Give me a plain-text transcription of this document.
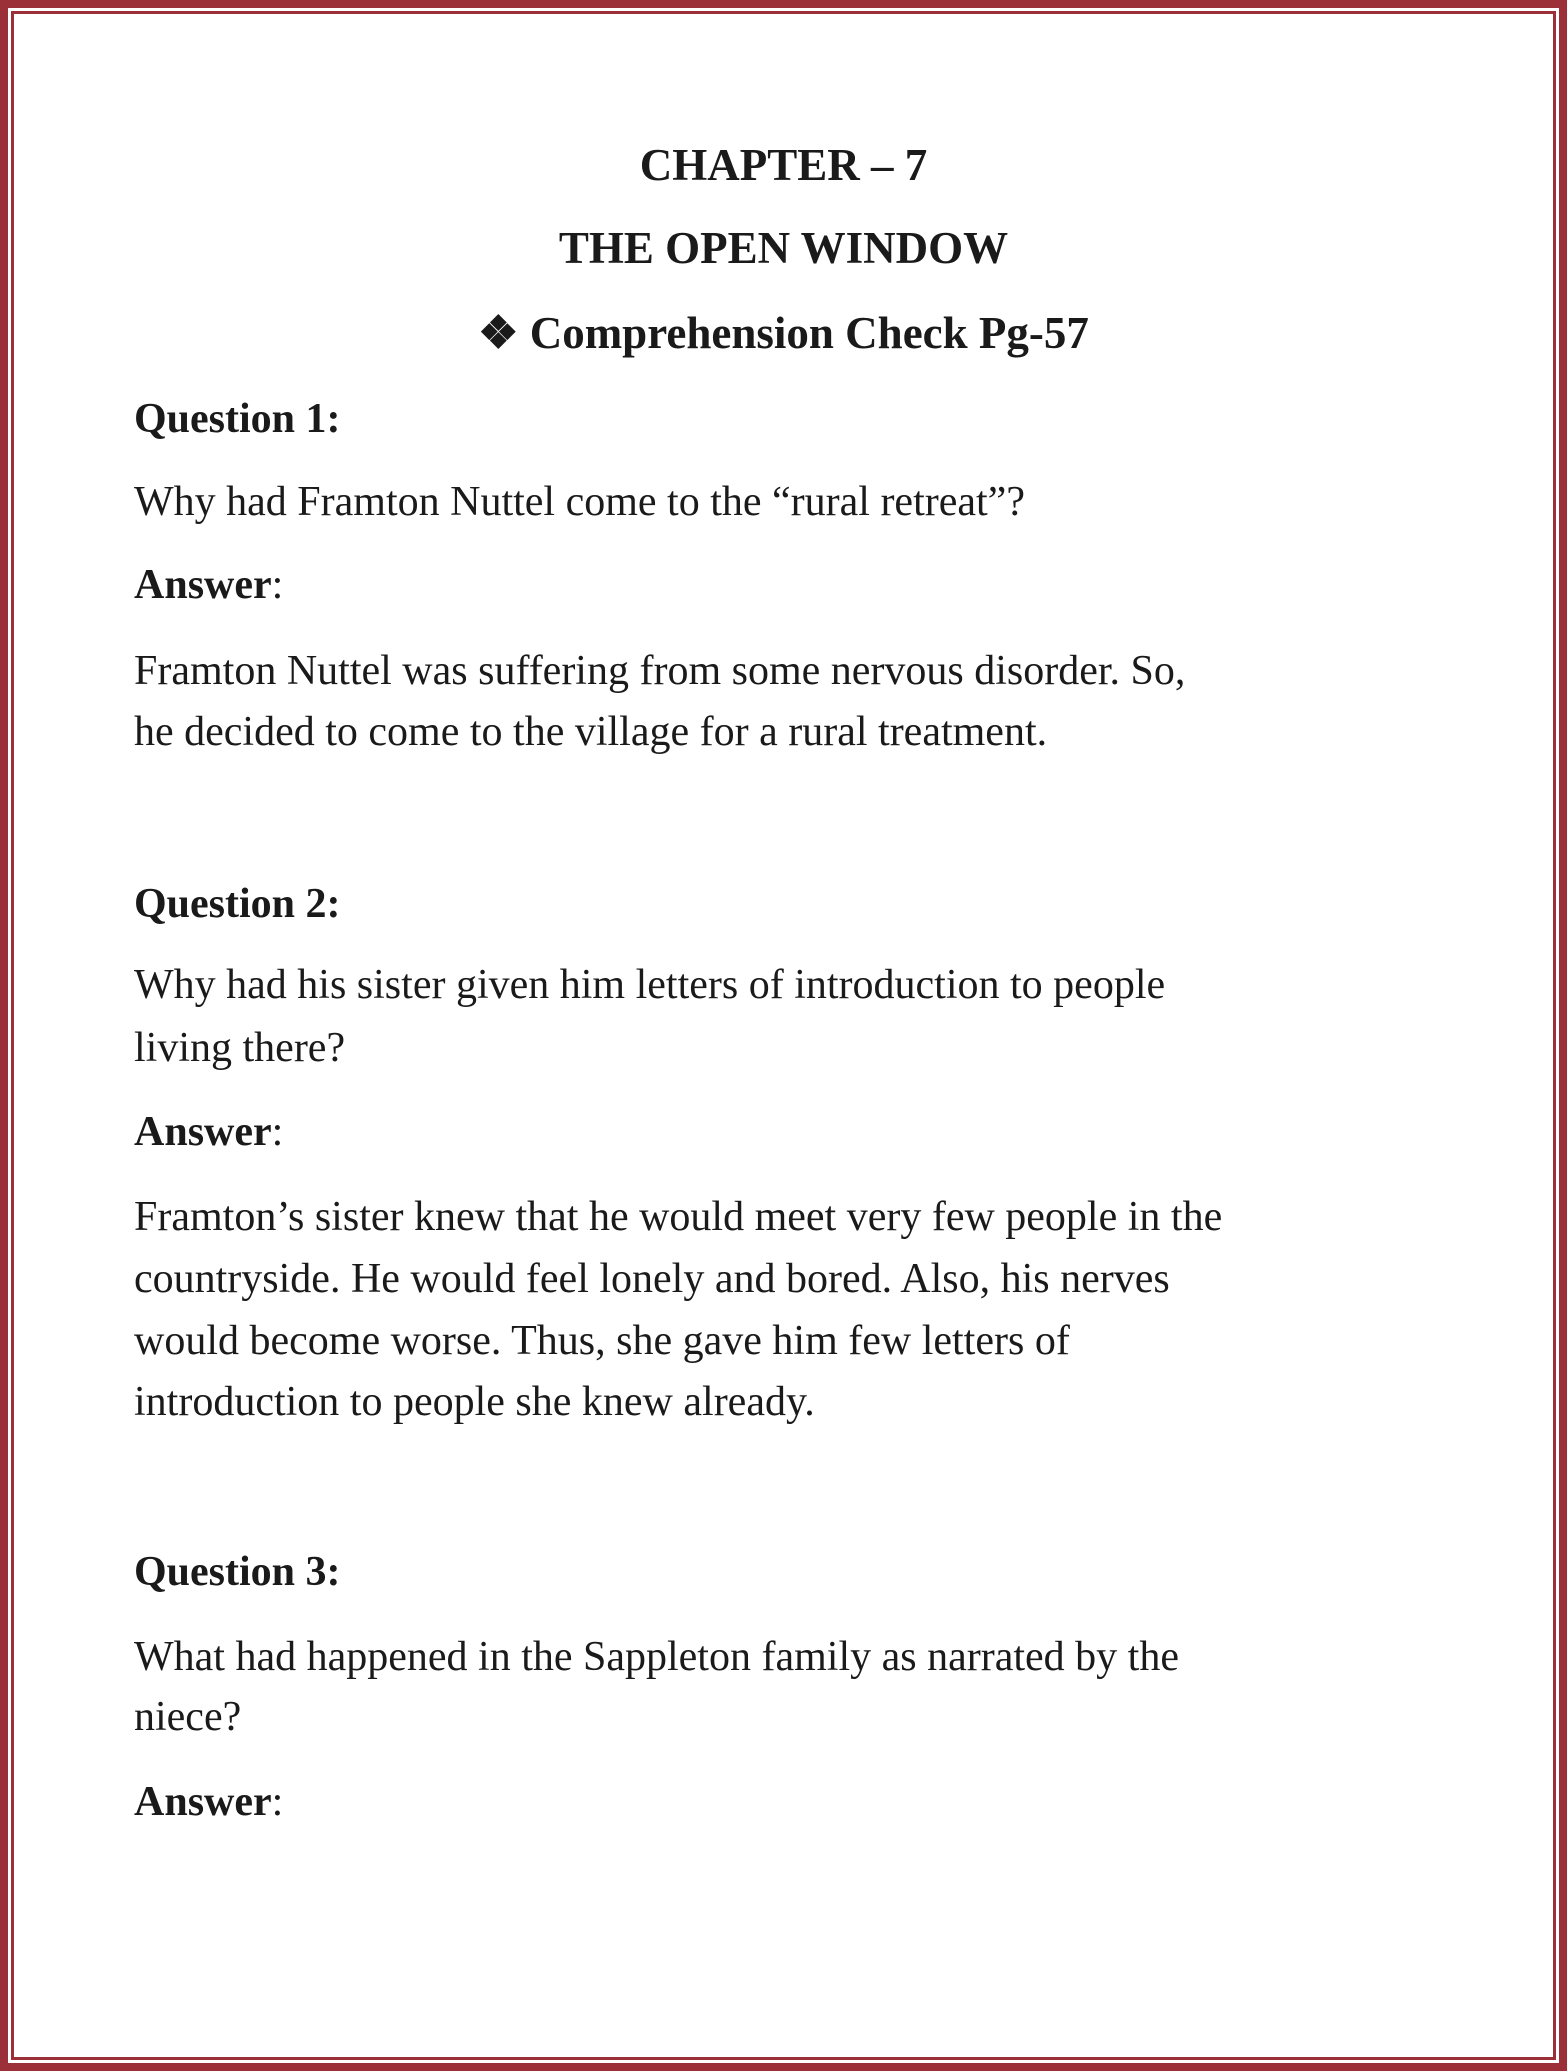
CHAPTER – 7
THE OPEN WINDOW
❖ Comprehension Check Pg-57
Question 1:
Why had Framton Nuttel come to the “rural retreat”?
Answer:
Framton Nuttel was suffering from some nervous disorder. So,
he decided to come to the village for a rural treatment.
Question 2:
Why had his sister given him letters of introduction to people
living there?
Answer:
Framton’s sister knew that he would meet very few people in the
countryside. He would feel lonely and bored. Also, his nerves
would become worse. Thus, she gave him few letters of
introduction to people she knew already.
Question 3:
What had happened in the Sappleton family as narrated by the
niece?
Answer:
